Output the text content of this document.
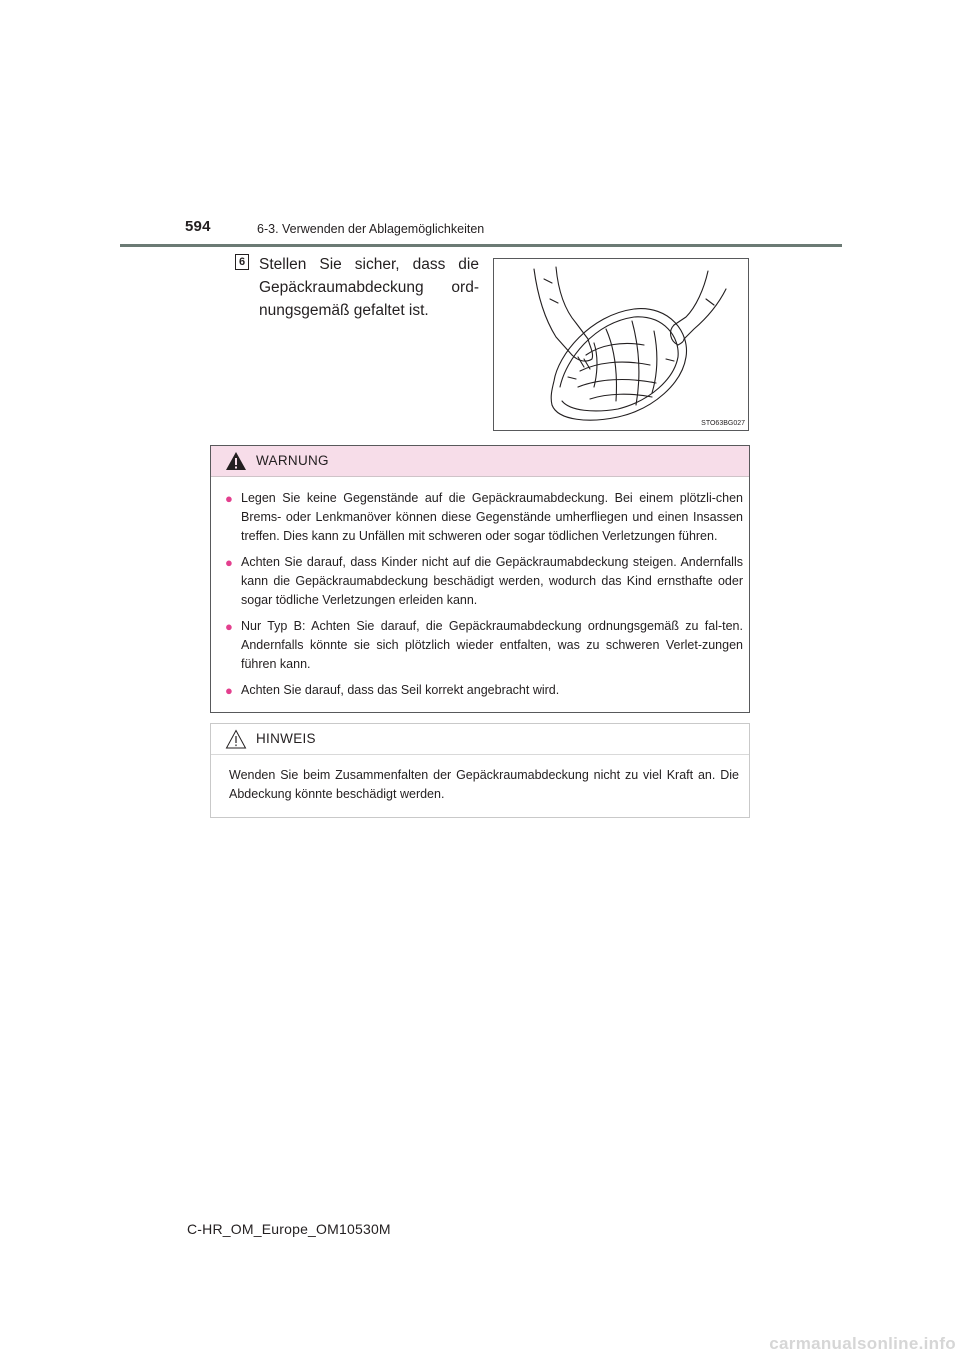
594	6-3. Verwenden der Ablagemöglichkeiten
6 Stellen Sie sicher, dass die Gepäckraumabdeckung ord-nungsgemäß gefaltet ist.
STO63BG027
WARNUNG
● Legen Sie keine Gegenstände auf die Gepäckraumabdeckung. Bei einem plötzli-chen Brems- oder Lenkmanöver können diese Gegenstände umherfliegen und einen Insassen treffen. Dies kann zu Unfällen mit schweren oder sogar tödlichen Verletzungen führen.
● Achten Sie darauf, dass Kinder nicht auf die Gepäckraumabdeckung steigen. Andernfalls kann die Gepäckraumabdeckung beschädigt werden, wodurch das Kind ernsthafte oder sogar tödliche Verletzungen erleiden kann.
● Nur Typ B: Achten Sie darauf, die Gepäckraumabdeckung ordnungsgemäß zu fal-ten. Andernfalls könnte sie sich plötzlich wieder entfalten, was zu schweren Verlet-zungen führen kann.
● Achten Sie darauf, dass das Seil korrekt angebracht wird.
HINWEIS
Wenden Sie beim Zusammenfalten der Gepäckraumabdeckung nicht zu viel Kraft an. Die Abdeckung könnte beschädigt werden.
C-HR_OM_Europe_OM10530M
carmanualsonline.info
